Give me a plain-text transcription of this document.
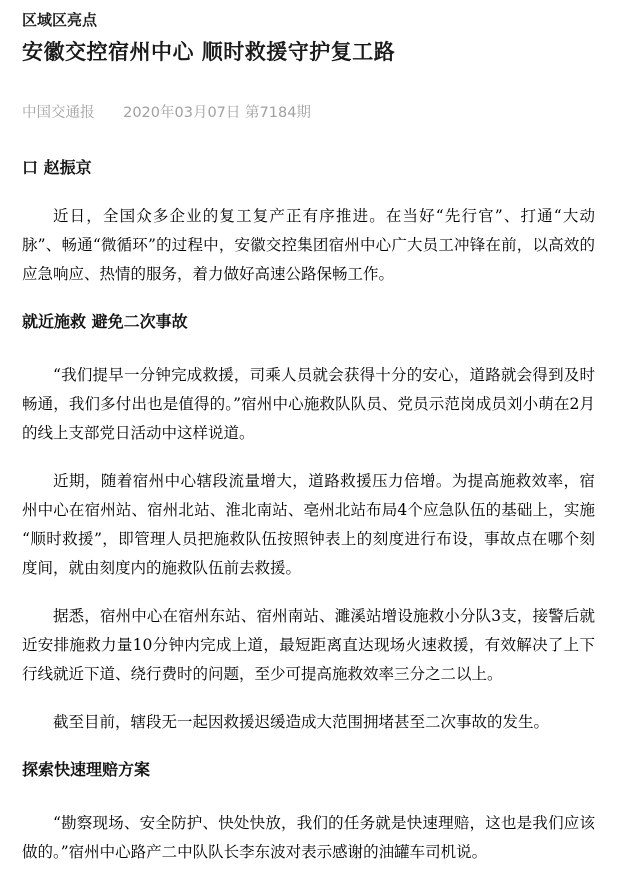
区域区亮点
安徽交控宿州中心 顺时救援守护复工路
中国交通报 2020年03月07日 第7184期
口 赵振京

近日，全国众多企业的复工复产正有序推进。在当好“先行官”、打通“大动脉”、畅通“微循环”的过程中，安徽交控集团宿州中心广大员工冲锋在前，以高效的应急响应、热情的服务，着力做好高速公路保畅工作。

就近施救 避免二次事故

“我们提早一分钟完成救援，司乘人员就会获得十分的安心，道路就会得到及时畅通，我们多付出也是值得的。”宿州中心施救队队员、党员示范岗成员刘小萌在2月的线上支部党日活动中这样说道。

近期，随着宿州中心辖段流量增大，道路救援压力倍增。为提高施救效率，宿州中心在宿州站、宿州北站、淮北南站、亳州北站布局4个应急队伍的基础上，实施“顺时救援”，即管理人员把施救队伍按照钟表上的刻度进行布设，事故点在哪个刻度间，就由刻度内的施救队伍前去救援。

据悉，宿州中心在宿州东站、宿州南站、濉溪站增设施救小分队3支，接警后就近安排施救力量10分钟内完成上道，最短距离直达现场火速救援，有效解决了上下行线就近下道、绕行费时的问题，至少可提高施救效率三分之二以上。

截至目前，辖段无一起因救援迟缓造成大范围拥堵甚至二次事故的发生。

探索快速理赔方案

“勘察现场、安全防护、快处快放，我们的任务就是快速理赔，这也是我们应该做的。”宿州中心路产二中队队长李东波对表示感谢的油罐车司机说。
